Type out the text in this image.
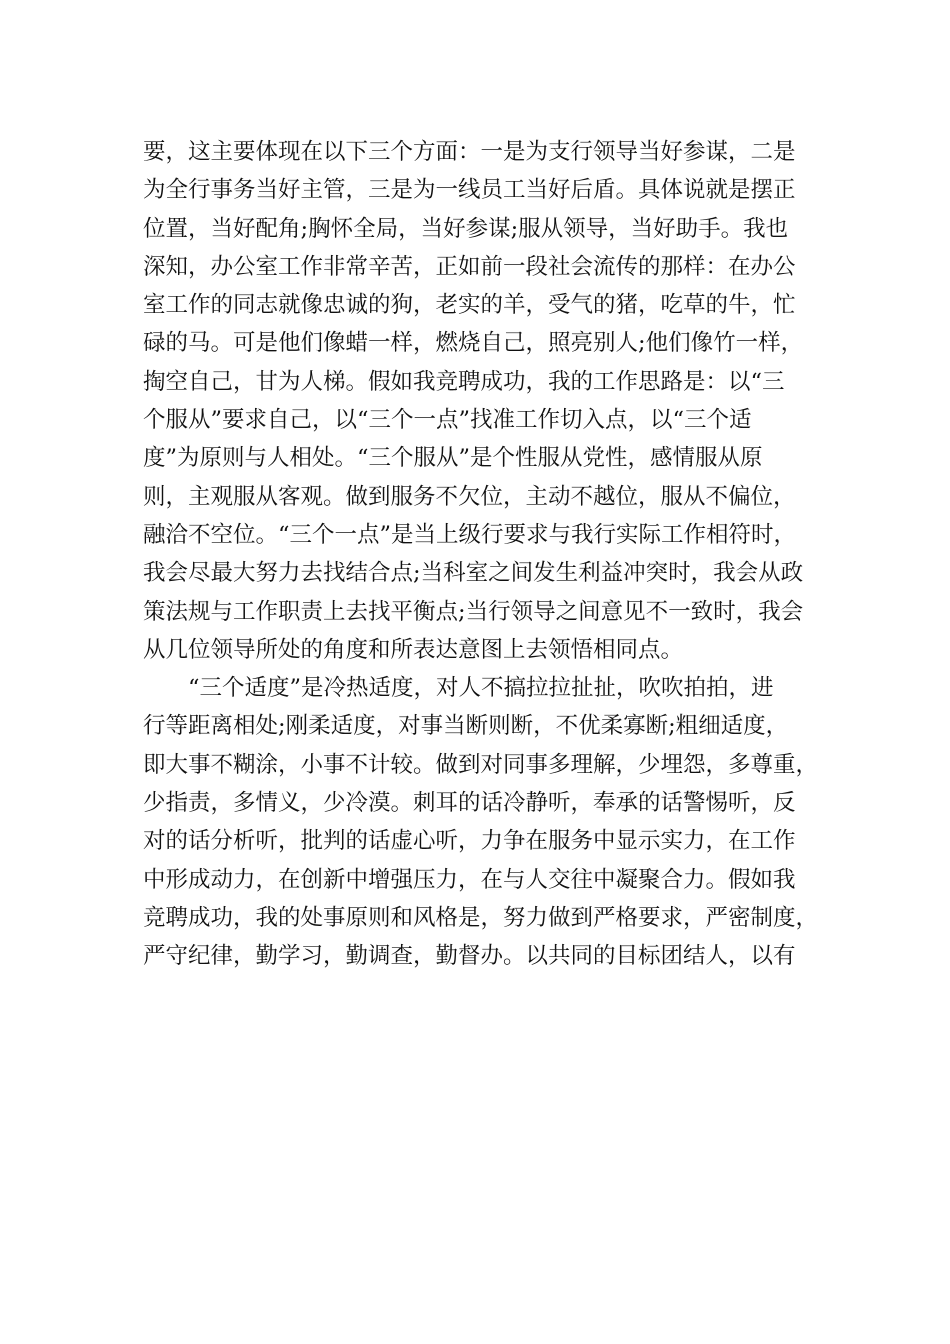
要，这主要体现在以下三个方面：一是为支行领导当好参谋，二是
为全行事务当好主管，三是为一线员工当好后盾。具体说就是摆正
位置，当好配角;胸怀全局，当好参谋;服从领导，当好助手。我也
深知，办公室工作非常辛苦，正如前一段社会流传的那样：在办公
室工作的同志就像忠诚的狗，老实的羊，受气的猪，吃草的牛，忙
碌的马。可是他们像蜡一样，燃烧自己，照亮别人;他们像竹一样，
掏空自己，甘为人梯。假如我竞聘成功，我的工作思路是：以“三
个服从”要求自己，以“三个一点”找准工作切入点，以“三个适
度”为原则与人相处。“三个服从”是个性服从党性，感情服从原
则，主观服从客观。做到服务不欠位，主动不越位，服从不偏位，
融洽不空位。“三个一点”是当上级行要求与我行实际工作相符时，
我会尽最大努力去找结合点;当科室之间发生利益冲突时，我会从政
策法规与工作职责上去找平衡点;当行领导之间意见不一致时，我会
从几位领导所处的角度和所表达意图上去领悟相同点。
“三个适度”是冷热适度，对人不搞拉拉扯扯，吹吹拍拍，进
行等距离相处;刚柔适度，对事当断则断，不优柔寡断;粗细适度，
即大事不糊涂，小事不计较。做到对同事多理解，少埋怨，多尊重，
少指责，多情义，少冷漠。刺耳的话冷静听，奉承的话警惕听，反
对的话分析听，批判的话虚心听，力争在服务中显示实力，在工作
中形成动力，在创新中增强压力，在与人交往中凝聚合力。假如我
竞聘成功，我的处事原则和风格是，努力做到严格要求，严密制度，
严守纪律，勤学习，勤调查，勤督办。以共同的目标团结人，以有
